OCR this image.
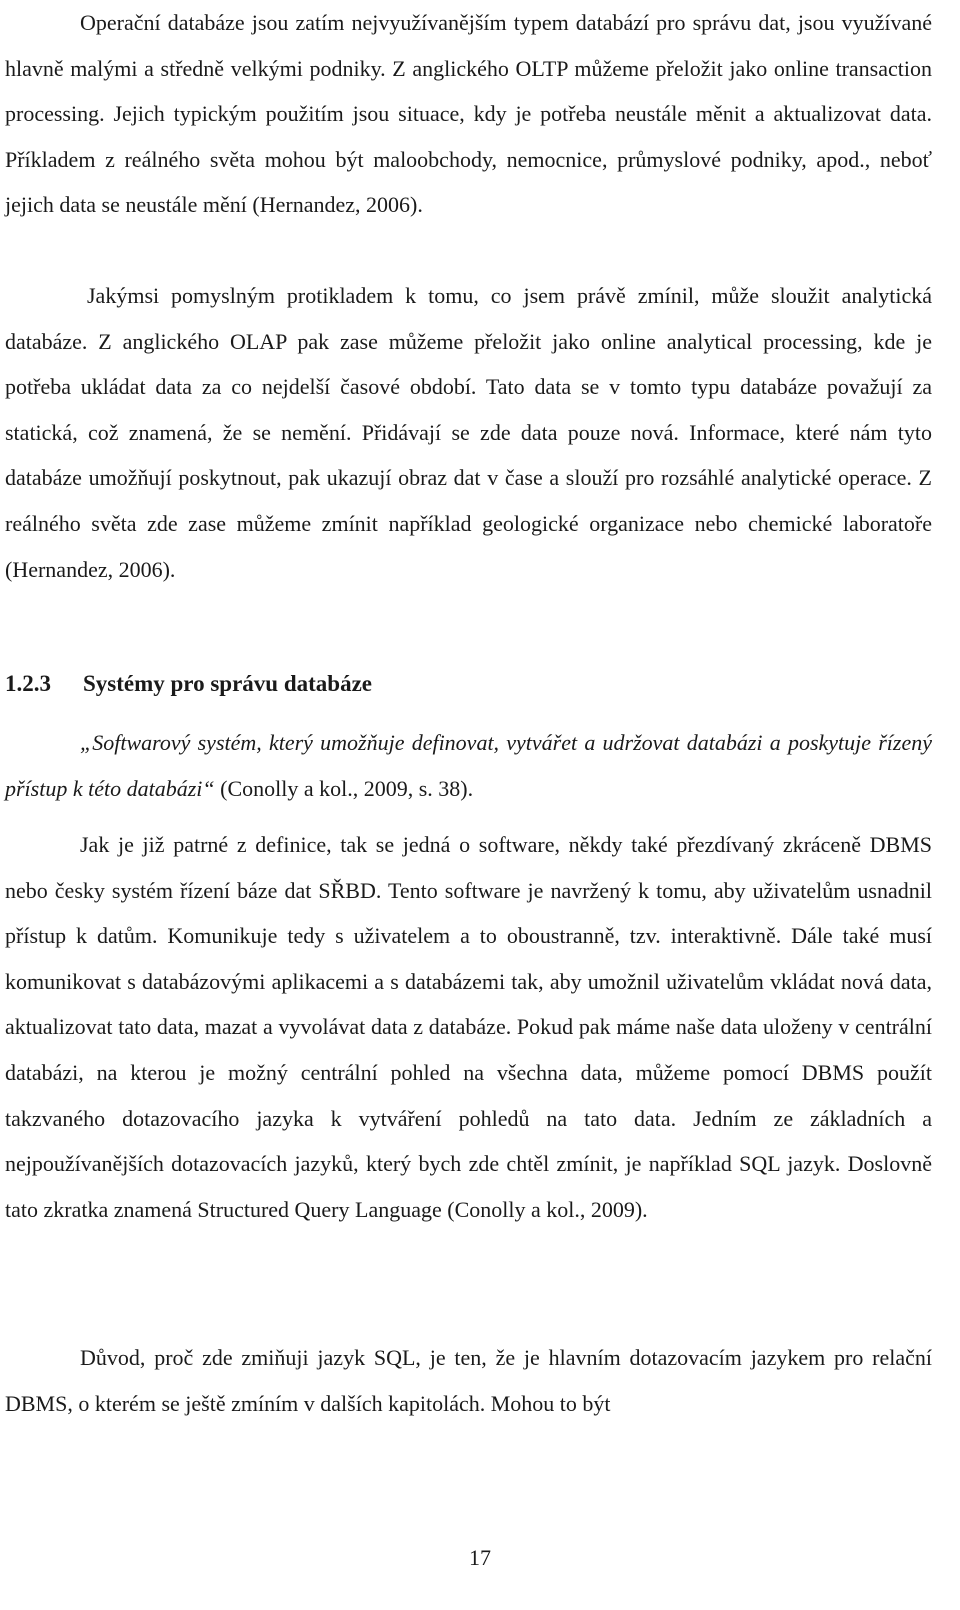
Operační databáze jsou zatím nejvyužívanějším typem databází pro správu dat, jsou využívané hlavně malými a středně velkými podniky. Z anglického OLTP můžeme přeložit jako online transaction processing. Jejich typickým použitím jsou situace, kdy je potřeba neustále měnit a aktualizovat data. Příkladem z reálného světa mohou být maloobchody, nemocnice, průmyslové podniky, apod., neboť jejich data se neustále mění (Hernandez, 2006).

Jakýmsi pomyslným protikladem k tomu, co jsem právě zmínil, může sloužit analytická databáze. Z anglického OLAP pak zase můžeme přeložit jako online analytical processing, kde je potřeba ukládat data za co nejdelší časové období. Tato data se v tomto typu databáze považují za statická, což znamená, že se nemění. Přidávají se zde data pouze nová. Informace, které nám tyto databáze umožňují poskytnout, pak ukazují obraz dat v čase a slouží pro rozsáhlé analytické operace. Z reálného světa zde zase můžeme zmínit například geologické organizace nebo chemické laboratoře (Hernandez, 2006).

1.2.3 Systémy pro správu databáze

„Softwarový systém, který umožňuje definovat, vytvářet a udržovat databázi a poskytuje řízený přístup k této databázi“ (Conolly a kol., 2009, s. 38).

Jak je již patrné z definice, tak se jedná o software, někdy také přezdívaný zkráceně DBMS nebo česky systém řízení báze dat SŘBD. Tento software je navržený k tomu, aby uživatelům usnadnil přístup k datům. Komunikuje tedy s uživatelem a to oboustranně, tzv. interaktivně. Dále také musí komunikovat s databázovými aplikacemi a s databázemi tak, aby umožnil uživatelům vkládat nová data, aktualizovat tato data, mazat a vyvolávat data z databáze. Pokud pak máme naše data uloženy v centrální databázi, na kterou je možný centrální pohled na všechna data, můžeme pomocí DBMS použít takzvaného dotazovacího jazyka k vytváření pohledů na tato data. Jedním ze základních a nejpoužívanějších dotazovacích jazyků, který bych zde chtěl zmínit, je například SQL jazyk. Doslovně tato zkratka znamená Structured Query Language (Conolly a kol., 2009).

Důvod, proč zde zmiňuji jazyk SQL, je ten, že je hlavním dotazovacím jazykem pro relační DBMS, o kterém se ještě zmíním v dalších kapitolách. Mohou to být

17
